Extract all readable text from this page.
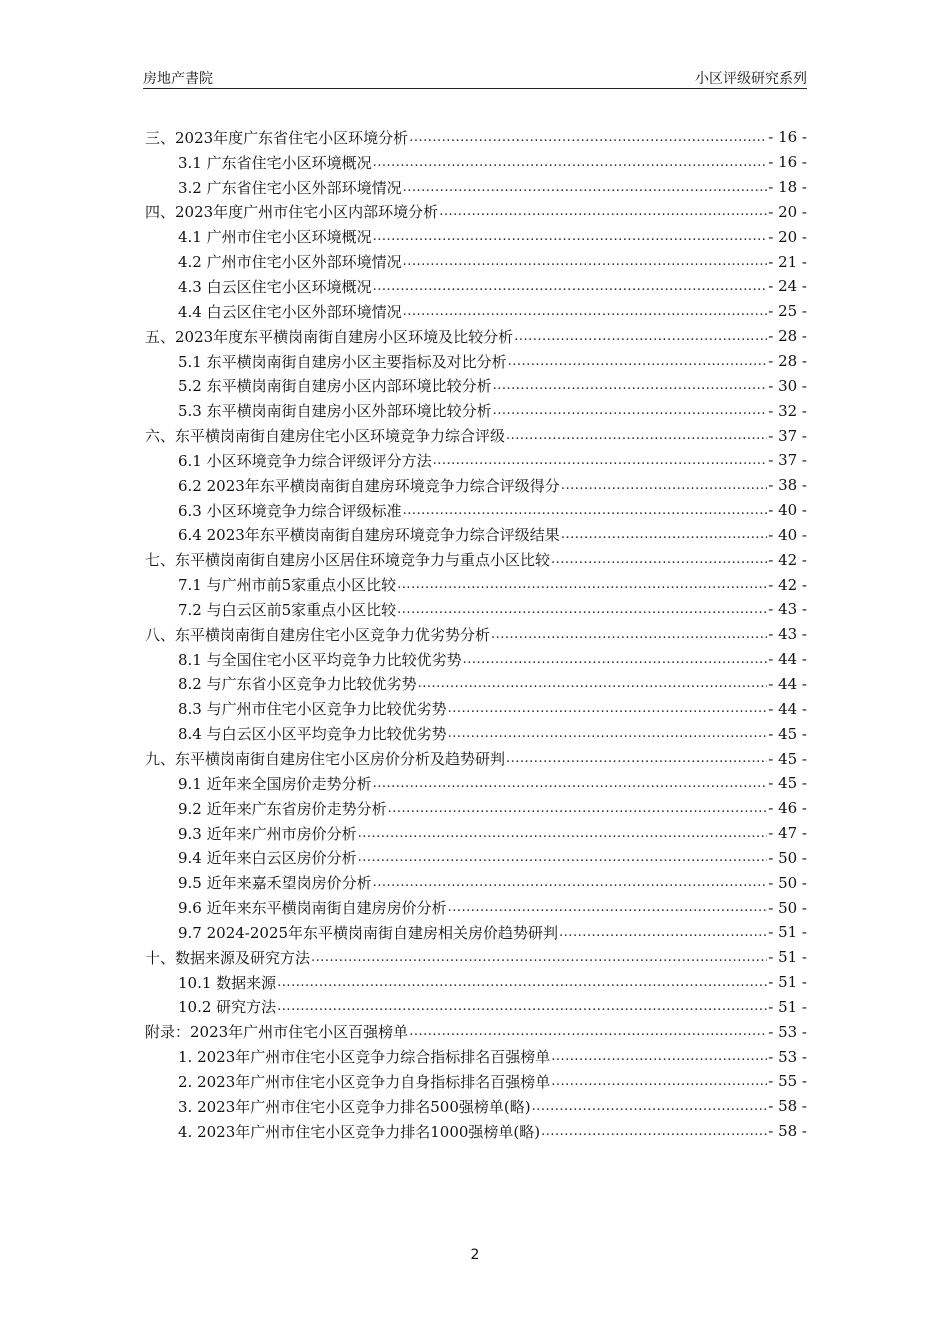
房地产書院	小区评级研究系列
三、2023年度广东省住宅小区环境分析 .....	- 16 -
3.1 广东省住宅小区环境概况 .....	- 16 -
3.2 广东省住宅小区外部环境情况 .....	- 18 -
四、2023年度广州市住宅小区内部环境分析 .....	- 20 -
4.1 广州市住宅小区环境概况 .....	- 20 -
4.2 广州市住宅小区外部环境情况 .....	- 21 -
4.3 白云区住宅小区环境概况 .....	- 24 -
4.4 白云区住宅小区外部环境情况 .....	- 25 -
五、2023年度东平横岗南街自建房小区环境及比较分析 .....	- 28 -
5.1 东平横岗南街自建房小区主要指标及对比分析 .....	- 28 -
5.2 东平横岗南街自建房小区内部环境比较分析 .....	- 30 -
5.3 东平横岗南街自建房小区外部环境比较分析 .....	- 32 -
六、东平横岗南街自建房住宅小区环境竞争力综合评级 .....	- 37 -
6.1 小区环境竞争力综合评级评分方法 .....	- 37 -
6.2 2023年东平横岗南街自建房环境竞争力综合评级得分 .....	- 38 -
6.3 小区环境竞争力综合评级标准 .....	- 40 -
6.4 2023年东平横岗南街自建房环境竞争力综合评级结果 .....	- 40 -
七、东平横岗南街自建房小区居住环境竞争力与重点小区比较 .....	- 42 -
7.1 与广州市前5家重点小区比较 .....	- 42 -
7.2 与白云区前5家重点小区比较 .....	- 43 -
八、东平横岗南街自建房住宅小区竞争力优劣势分析 .....	- 43 -
8.1 与全国住宅小区平均竞争力比较优劣势 .....	- 44 -
8.2 与广东省小区竞争力比较优劣势 .....	- 44 -
8.3 与广州市住宅小区竞争力比较优劣势 .....	- 44 -
8.4 与白云区小区平均竞争力比较优劣势 .....	- 45 -
九、东平横岗南街自建房住宅小区房价分析及趋势研判 .....	- 45 -
9.1 近年来全国房价走势分析 .....	- 45 -
9.2 近年来广东省房价走势分析 .....	- 46 -
9.3 近年来广州市房价分析 .....	- 47 -
9.4 近年来白云区房价分析 .....	- 50 -
9.5 近年来嘉禾望岗房价分析 .....	- 50 -
9.6 近年来东平横岗南街自建房房价分析 .....	- 50 -
9.7 2024-2025年东平横岗南街自建房相关房价趋势研判 .....	- 51 -
十、数据来源及研究方法 .....	- 51 -
10.1 数据来源 .....	- 51 -
10.2 研究方法 .....	- 51 -
附录：2023年广州市住宅小区百强榜单 .....	- 53 -
1. 2023年广州市住宅小区竞争力综合指标排名百强榜单 .....	- 53 -
2. 2023年广州市住宅小区竞争力自身指标排名百强榜单 .....	- 55 -
3. 2023年广州市住宅小区竞争力排名500强榜单(略) .....	- 58 -
4. 2023年广州市住宅小区竞争力排名1000强榜单(略) .....	- 58 -
2
